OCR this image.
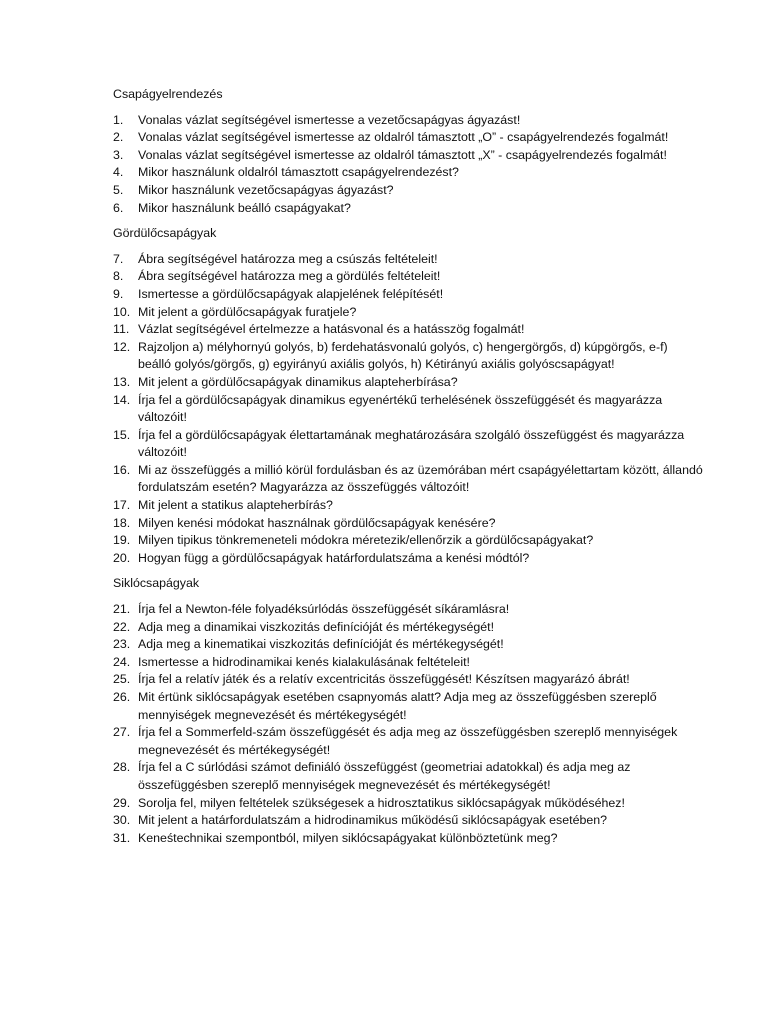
Csapágyelrendezés
1.	Vonalas vázlat segítségével ismertesse a vezetőcsapágyas ágyazást!
2.	Vonalas vázlat segítségével ismertesse az oldalról támasztott „O” - csapágyelrendezés fogalmát!
3.	Vonalas vázlat segítségével ismertesse az oldalról támasztott „X” - csapágyelrendezés fogalmát!
4.	Mikor használunk oldalról támasztott csapágyelrendezést?
5.	Mikor használunk vezetőcsapágyas ágyazást?
6.	Mikor használunk beálló csapágyakat?
Gördülőcsapágyak
7.	Ábra segítségével határozza meg a csúszás feltételeit!
8.	Ábra segítségével határozza meg a gördülés feltételeit!
9.	Ismertesse a gördülőcsapágyak alapjelének felépítését!
10. Mit jelent a gördülőcsapágyak furatjele?
11. Vázlat segítségével értelmezze a hatásvonal és a hatásszög fogalmát!
12. Rajzoljon a) mélyhornyú golyós, b) ferdehatásvonalú golyós, c) hengergörgős, d) kúpgörgős, e-f) beálló golyós/görgős, g) egyirányú axiális golyós, h) Kétirányú axiális golyóscsapágyat!
13. Mit jelent a gördülőcsapágyak dinamikus alapteherbírása?
14. Írja fel a gördülőcsapágyak dinamikus egyenértékű terhelésének összefüggését és magyarázza változóit!
15. Írja fel a gördülőcsapágyak élettartamának meghatározására szolgáló összefüggést és magyarázza változóit!
16. Mi az összefüggés a millió körül fordulásban és az üzemórában mért csapágyélettartam között, állandó fordulatszám esetén? Magyarázza az összefüggés változóit!
17. Mit jelent a statikus alapteherbírás?
18. Milyen kenési módokat használnak gördülőcsapágyak kenésére?
19. Milyen tipikus tönkremeneteli módokra méretezik/ellenőrzik a gördülőcsapágyakat?
20. Hogyan függ a gördülőcsapágyak határfordulatszáma a kenési módtól?
Siklócsapágyak
21. Írja fel a Newton-féle folyadéksúrlódás összefüggését síkáramlásra!
22. Adja meg a dinamikai viszkozitás definícióját és mértékegységét!
23. Adja meg a kinematikai viszkozitás definícióját és mértékegységét!
24. Ismertesse a hidrodinamikai kenés kialakulásának feltételeit!
25. Írja fel a relatív játék és a relatív excentricitás összefüggését! Készítsen magyarázó ábrát!
26. Mit értünk siklócsapágyak esetében csapnyomás alatt? Adja meg az összefüggésben szereplő mennyiségek megnevezését és mértékegységét!
27. Írja fel a Sommerfeld-szám összefüggését és adja meg az összefüggésben szereplő mennyiségek megnevezését és mértékegységét!
28. Írja fel a C súrlódási számot definiáló összefüggést (geometriai adatokkal) és adja meg az összefüggésben szereplő mennyiségek megnevezését és mértékegységét!
29. Sorolja fel, milyen feltételek szükségesek a hidrosztatikus siklócsapágyak működéséhez!
30. Mit jelent a határfordulatszám a hidrodinamikus működésű siklócsapágyak esetében?
31. Keneśtechnikai szempontból, milyen siklócsapágyakat különböztetünk meg?
